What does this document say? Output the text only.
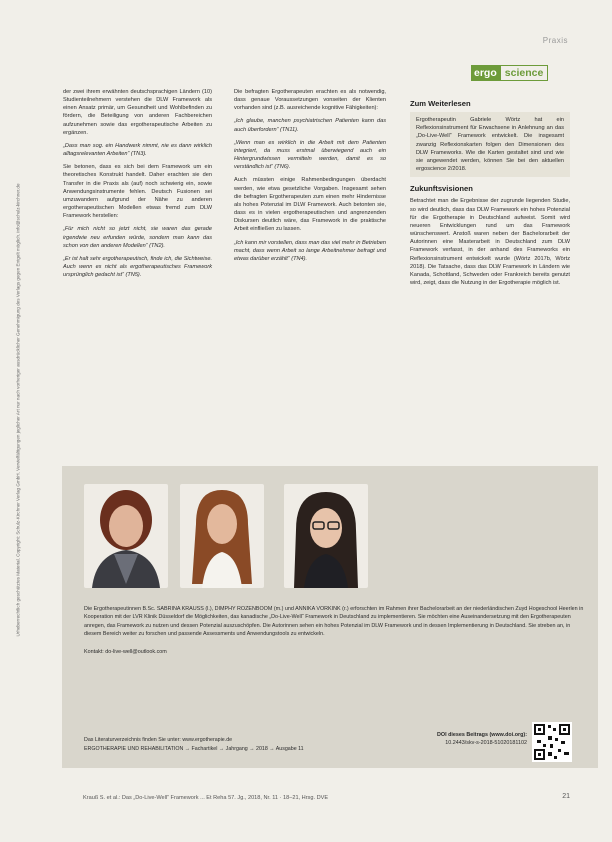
Urheberrechtlich geschütztes Material. Copyright: Schulz-Kirchner Verlag GmbH. Vervielfältigungen jeglicher Art nur nach vorheriger ausdrücklicher Genehmigung des Verlags gegen Entgelt möglich. info@schulz-kirchner.de
Praxis
ergo science

der zwei ihrem erwähnten deutschsprachigen Ländern (10) Studienteilnehmern verstehen die DLW Framework als einen Ansatz primär, um Gesundheit und Wohlbefinden zu fördern, die Beteiligung von anderen Fachbereichen aufzunehmen sowie das ergotherapeutische Arbeiten zu ergänzen.

„Dass man sog. ein Handwerk nimmt, nie es dann wirklich alltagsrelevanten Arbeiten“ (TN3).

Sie betonen, dass es sich bei dem Framework um ein theoretisches Konstrukt handelt. Daher erachten sie den Transfer in die Praxis als (auf) noch schwierig ein, sowie Anwendungsinstrumente fehlen. Deutsch Fusionen sei umzuwandern aufgrund der Nähe zu anderen ergotherapeutischen Modellen etwas fremd zum DLW Framework herstellen:

„Für mich nicht so jetzt nicht, sie waren das gerade irgendwie neu erfunden würde, sondern man kann das schon von den anderen Modellen“ (TN2).

„Er ist halt sehr ergotherapeutisch, finde ich, die Sichtweise. Auch wenn es nicht als ergotherapeutisches Framework ursprünglich gedacht ist“ (TN5).

Die befragten Ergotherapeuten erachten es als notwendig, dass genaue Voraussetzungen vonseiten der Klienten vorhanden sind (z.B. ausreichende kognitive Fähigkeiten):

„Ich glaube, manchen psychiatrischen Patienten kann das auch überfordern“ (TN11).

„Wenn man es wirklich in die Arbeit mit dem Patienten integriert, da muss erstmal überwiegend auch ein Hintergrundwissen vermitteln werden, damit es so verständlich ist“ (TN6).

Auch müssten einige Rahmenbedingungen überdacht werden, wie etwa gesetzliche Vorgaben. Insgesamt sehen die befragten Ergotherapeuten zum einen mehr Hindernisse als hohes Potenzial im DLW Framework. Auch betonten sie, dass es in vielen ergotherapeutischen und angrenzenden Diskursen deutlich wäre, das Framework in die praktische Arbeit einfließen zu lassen.

„Ich kann mir vorstellen, dass man das viel mehr in Betrieben macht, dass wenn Arbeit so lange Arbeitnehmer befragt und etwas darüber erzählt“ (TN4).

Zum Weiterlesen
Ergotherapeutin Gabriele Wörtz hat ein Reflexionsinstrument für Erwachsene in Anlehnung an das „Do-Live-Well“ Framework entwickelt. Die insgesamt zwanzig Reflexionskarten folgen den Dimensionen des DLW Frameworks. Wie die Karten gestaltet sind und wie sie angewendet werden, können Sie bei den aktuellen ergoscience 2/2018.
Zukunftsvisionen

Betrachtet man die Ergebnisse der zugrunde liegenden Studie, so wird deutlich, dass das DLW Framework ein hohes Potenzial für die Ergotherapie in Deutschland aufweist. Somit wird neueren Entwicklungen rund um das Framework wünschenswert. Anstoß waren neben der Bachelorarbeit der Autorinnen eine Masterarbeit in Deutschland zum DLW Framework verfasst, in der anhand des Frameworks ein Reflexionsinstrument entwickelt wurde (Wörtz 2017b, Wörtz 2018). Die Tatsache, dass das DLW Framework in Ländern wie Kanada, Schottland, Schweden oder Frankreich bereits genutzt wird, zeigt, dass die Nutzung in der Ergotherapie möglich ist.

Die Ergotherapeutinnen B.Sc. SABRINA KRAUSS (l.), DIMPHY ROZENBOOM (m.) und ANNIKA VORKINK (r.) erforschten im Rahmen ihrer Bachelorarbeit an der niederländischen Zuyd Hogeschool Heerlen in Kooperation mit der LVR Klinik Düsseldorf die Möglichkeiten, das kanadische „Do-Live-Well“ Framework in Deutschland zu implementieren. Sie möchten eine Auseinandersetzung mit den Ergotherapeuten anregen, das Framework zu nutzen und dessen Potenzial auszuschöpfen. Die Autorinnen sehen ein hohes Potenzial im DLW Framework und in dessen Implementierung in Deutschland. Sie streben an, in diesem Bereich weiter zu forschen und passende Assessments und Anwendungstools zu entwickeln.

Kontakt: do-live-well@outlook.com

Das Literaturverzeichnis finden Sie unter: www.ergotherapie.de
ERGOTHERAPIE UND REHABILITATION → Fachartikel → Jahrgang → 2018 → Ausgabe 11
DOI dieses Beitrags (www.doi.org):
10.2443/skv-s-2018-51020181102
Krauß S. et al.: Das „Do-Live-Well“ Framework ... Et Reha 57. Jg., 2018, Nr. 11 · 18–21, Hrsg. DVE	21
